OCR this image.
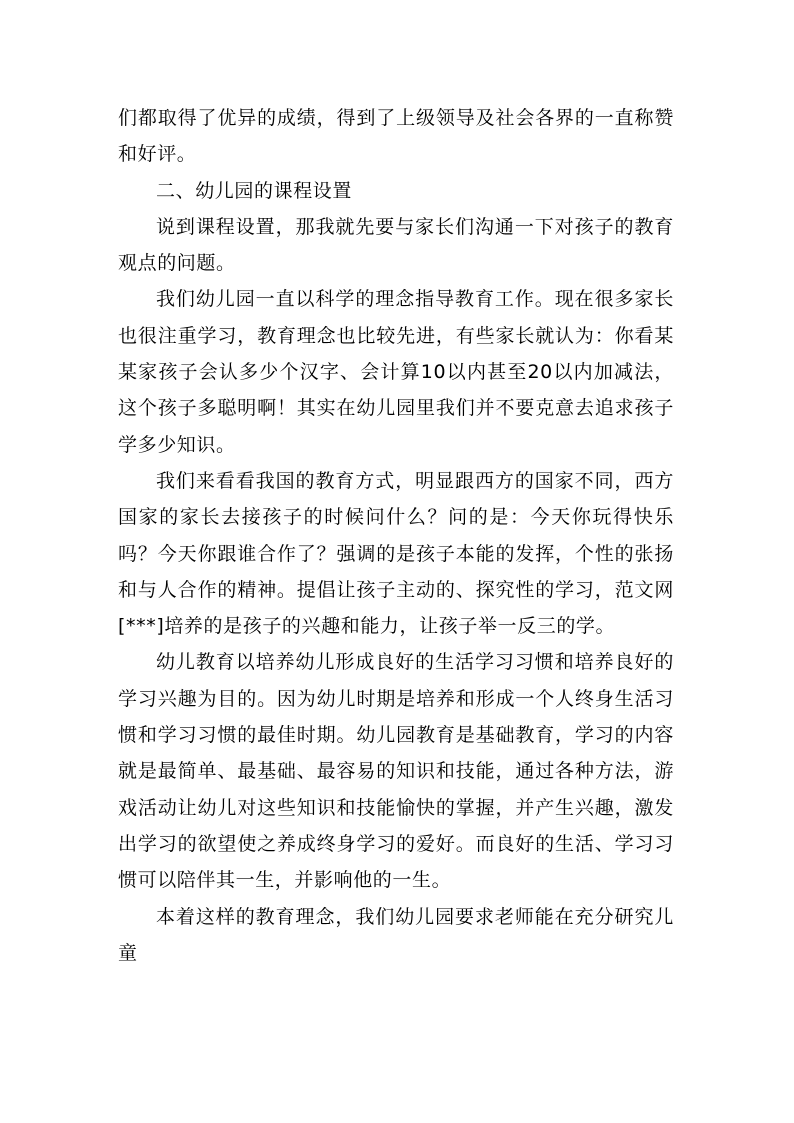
们都取得了优异的成绩，得到了上级领导及社会各界的一直称赞和好评。

二、幼儿园的课程设置

说到课程设置，那我就先要与家长们沟通一下对孩子的教育观点的问题。

我们幼儿园一直以科学的理念指导教育工作。现在很多家长也很注重学习，教育理念也比较先进，有些家长就认为：你看某某家孩子会认多少个汉字、会计算10以内甚至20以内加减法，这个孩子多聪明啊！其实在幼儿园里我们并不要克意去追求孩子学多少知识。

我们来看看我国的教育方式，明显跟西方的国家不同，西方国家的家长去接孩子的时候问什么？问的是：今天你玩得快乐吗？今天你跟谁合作了？强调的是孩子本能的发挥，个性的张扬和与人合作的精神。提倡让孩子主动的、探究性的学习，范文网[***]培养的是孩子的兴趣和能力，让孩子举一反三的学。

幼儿教育以培养幼儿形成良好的生活学习习惯和培养良好的学习兴趣为目的。因为幼儿时期是培养和形成一个人终身生活习惯和学习习惯的最佳时期。幼儿园教育是基础教育，学习的内容就是最简单、最基础、最容易的知识和技能，通过各种方法，游戏活动让幼儿对这些知识和技能愉快的掌握，并产生兴趣，激发出学习的欲望使之养成终身学习的爱好。而良好的生活、学习习惯可以陪伴其一生，并影响他的一生。

本着这样的教育理念，我们幼儿园要求老师能在充分研究儿童
